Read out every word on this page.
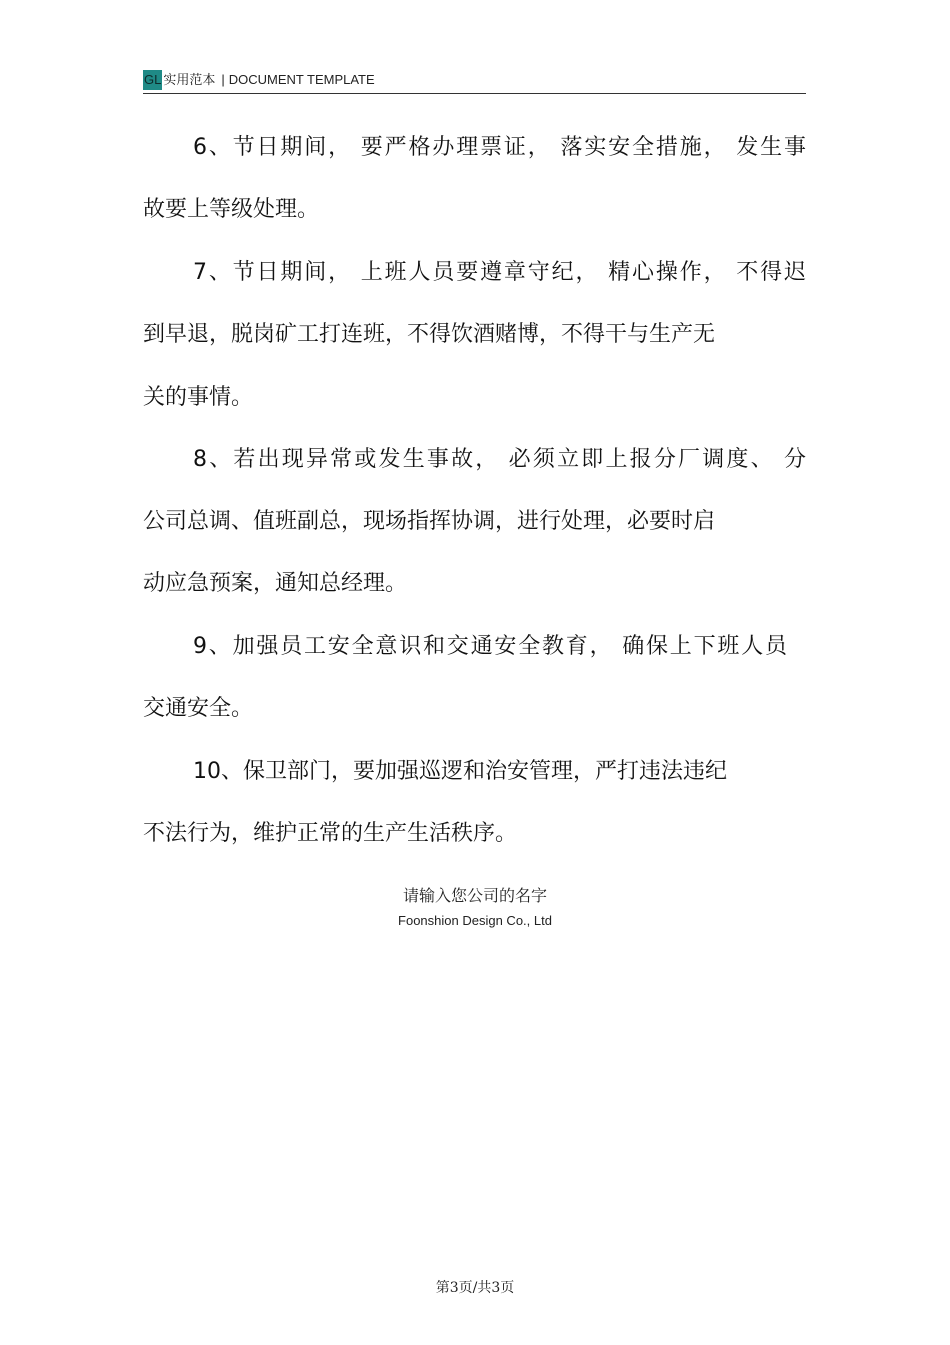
GL 实用范本 | DOCUMENT TEMPLATE
6、节日期间， 要严格办理票证， 落实安全措施， 发生事
故要上等级处理。
7、节日期间， 上班人员要遵章守纪， 精心操作， 不得迟
到早退，脱岗矿工打连班，不得饮酒赌博，不得干与生产无
关的事情。
8、若出现异常或发生事故， 必须立即上报分厂调度、 分
公司总调、值班副总，现场指挥协调，进行处理，必要时启
动应急预案，通知总经理。
9、加强员工安全意识和交通安全教育， 确保上下班人员
交通安全。
10、保卫部门，要加强巡逻和治安管理，严打违法违纪
不法行为，维护正常的生产生活秩序。
请输入您公司的名字
Foonshion Design Co., Ltd
第3页/共3页
